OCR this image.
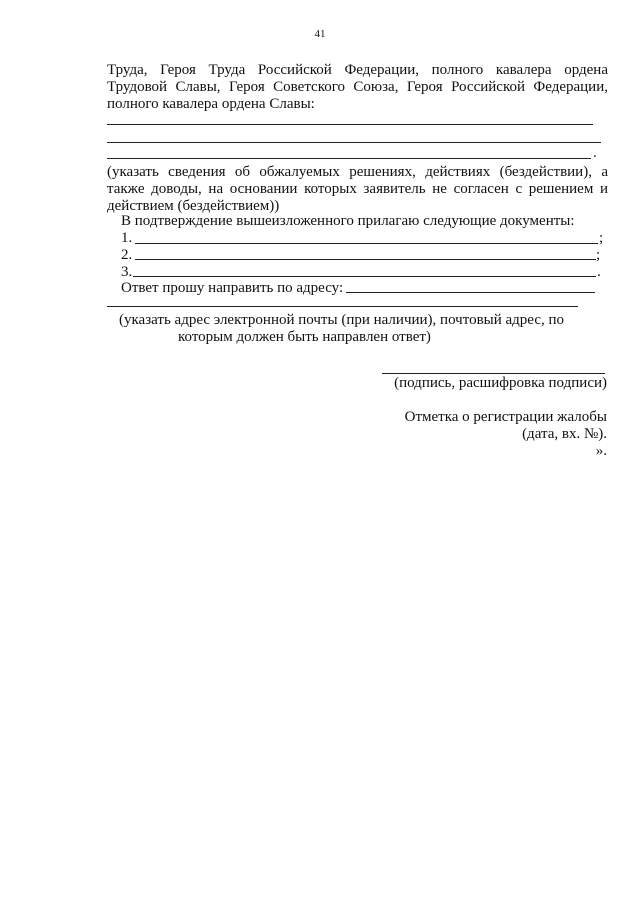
41
Труда, Героя Труда Российской Федерации, полного кавалера ордена Трудовой Славы, Героя Советского Союза, Героя Российской Федерации, полного кавалера ордена Славы:
.
(указать сведения об обжалуемых решениях, действиях (бездействии), а также доводы, на основании которых заявитель не согласен с решением и действием (бездействием))
В подтверждение вышеизложенного прилагаю следующие документы:
1.	;
2.	;
3.	.
Ответ прошу направить по адресу:
(указать адрес электронной почты (при наличии), почтовый адрес, по
которым должен быть направлен ответ)
(подпись, расшифровка подписи)
Отметка о регистрации жалобы
(дата, вх. №).
».
